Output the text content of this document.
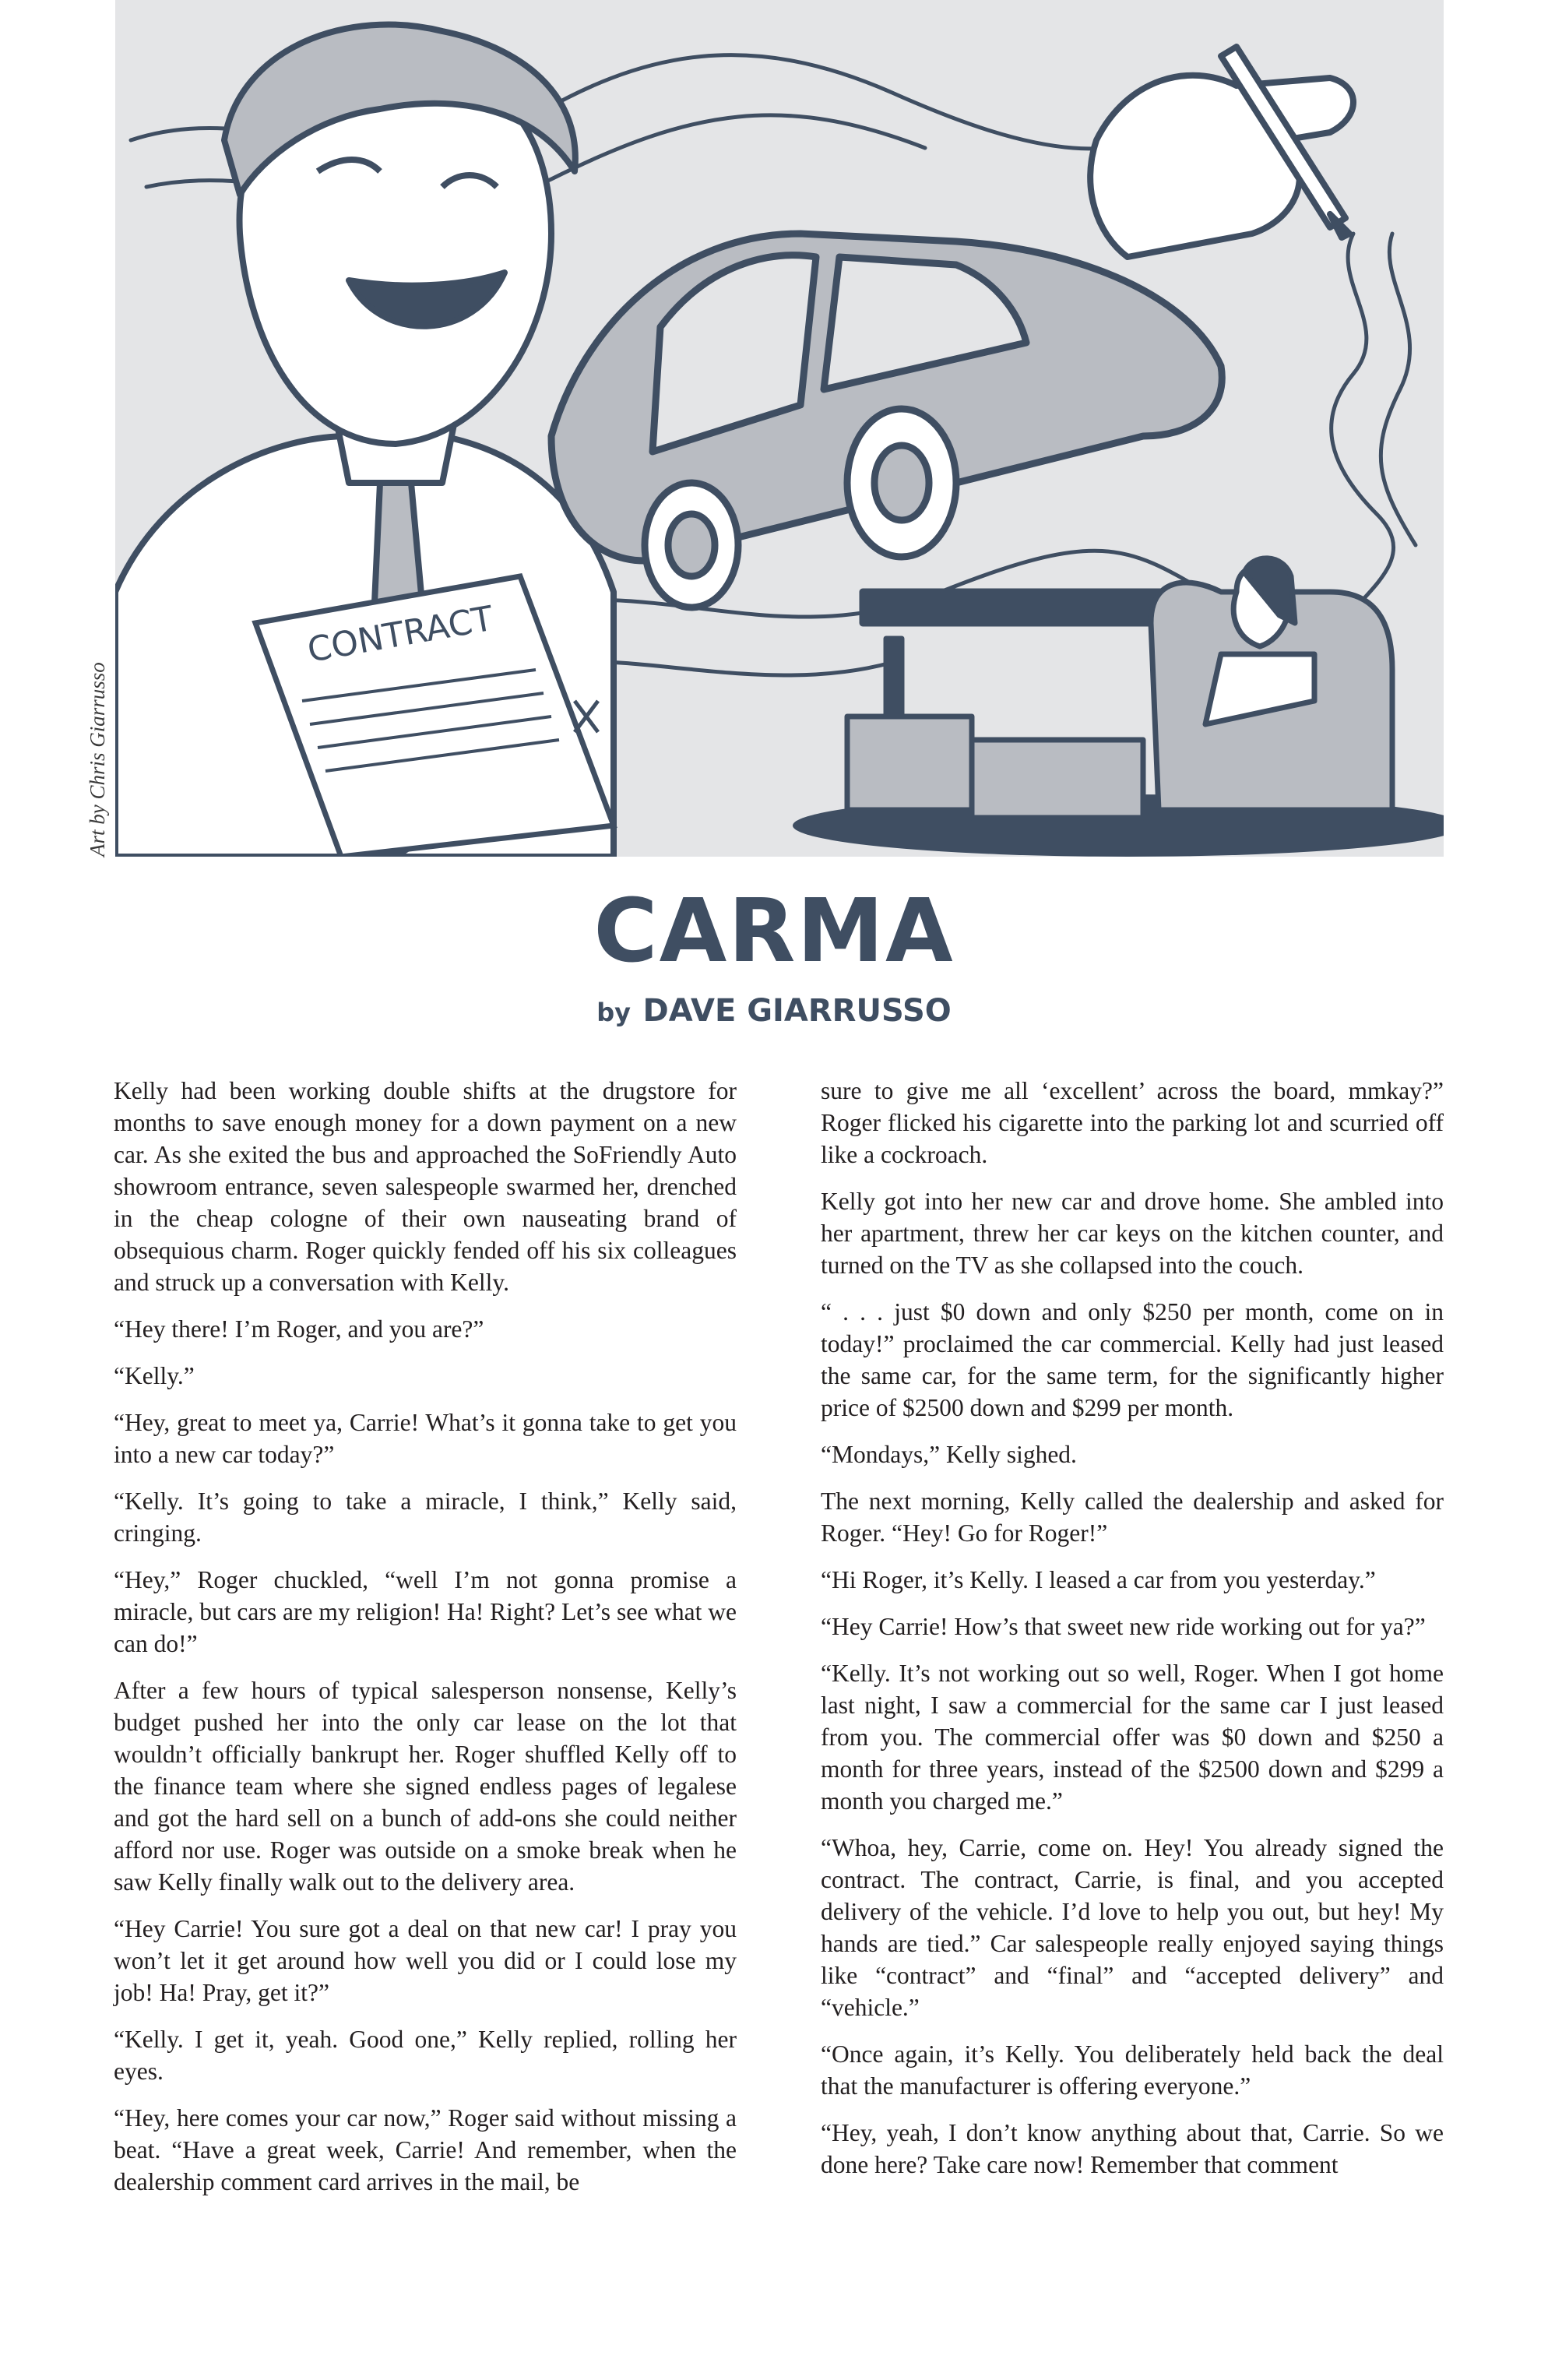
CONTRACT
Art by Chris Giarrusso
CARMA
by DAVE GIARRUSSO

Kelly had been working double shifts at the drugstore for months to save enough money for a down payment on a new car. As she exited the bus and approached the SoFriendly Auto showroom entrance, seven salespeople swarmed her, drenched in the cheap cologne of their own nauseating brand of obsequious charm. Roger quickly fended off his six colleagues and struck up a conversation with Kelly.

“Hey there! I’m Roger, and you are?”

“Kelly.”

“Hey, great to meet ya, Carrie! What’s it gonna take to get you into a new car today?”

“Kelly. It’s going to take a miracle, I think,” Kelly said, cringing.

“Hey,” Roger chuckled, “well I’m not gonna promise a miracle, but cars are my religion! Ha! Right? Let’s see what we can do!”

After a few hours of typical salesperson nonsense, Kelly’s budget pushed her into the only car lease on the lot that wouldn’t officially bankrupt her. Roger shuffled Kelly off to the finance team where she signed endless pages of legalese and got the hard sell on a bunch of add-ons she could neither afford nor use. Roger was outside on a smoke break when he saw Kelly finally walk out to the delivery area.

“Hey Carrie! You sure got a deal on that new car! I pray you won’t let it get around how well you did or I could lose my job! Ha! Pray, get it?”

“Kelly. I get it, yeah. Good one,” Kelly replied, rolling her eyes.

“Hey, here comes your car now,” Roger said without missing a beat. “Have a great week, Carrie! And remember, when the dealership comment card arrives in the mail, be

sure to give me all ‘excellent’ across the board, mmkay?” Roger flicked his cigarette into the parking lot and scurried off like a cockroach.

Kelly got into her new car and drove home. She ambled into her apartment, threw her car keys on the kitchen counter, and turned on the TV as she collapsed into the couch.

“ . . . just $0 down and only $250 per month, come on in today!” proclaimed the car commercial. Kelly had just leased the same car, for the same term, for the significantly higher price of $2500 down and $299 per month.

“Mondays,” Kelly sighed.

The next morning, Kelly called the dealership and asked for Roger. “Hey! Go for Roger!”

“Hi Roger, it’s Kelly. I leased a car from you yesterday.”

“Hey Carrie! How’s that sweet new ride working out for ya?”

“Kelly. It’s not working out so well, Roger. When I got home last night, I saw a commercial for the same car I just leased from you. The commercial offer was $0 down and $250 a month for three years, instead of the $2500 down and $299 a month you charged me.”

“Whoa, hey, Carrie, come on. Hey! You already signed the contract. The contract, Carrie, is final, and you accepted delivery of the vehicle. I’d love to help you out, but hey! My hands are tied.” Car salespeople really enjoyed saying things like “contract” and “final” and “accepted delivery” and “vehicle.”

“Once again, it’s Kelly. You deliberately held back the deal that the manufacturer is offering everyone.”

“Hey, yeah, I don’t know anything about that, Carrie. So we done here? Take care now! Remember that comment
